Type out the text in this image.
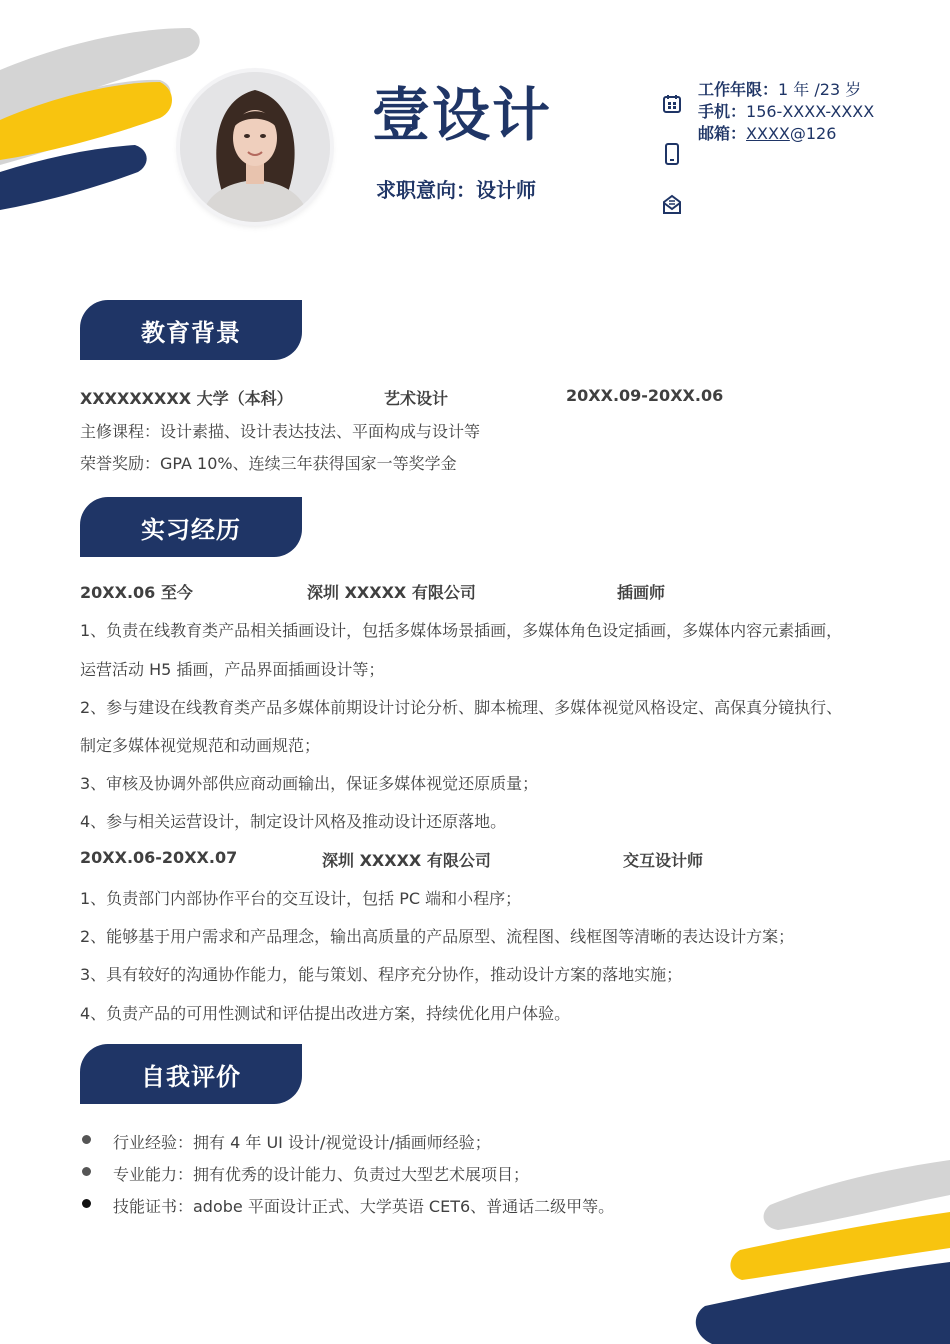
壹设计
求职意向：设计师
工作年限：1 年 /23 岁
手机：156-XXXX-XXXX
邮箱：XXXX@126
教育背景
XXXXXXXXX 大学（本科）	艺术设计	20XX.09-20XX.06
主修课程：设计素描、设计表达技法、平面构成与设计等
荣誉奖励：GPA 10%、连续三年获得国家一等奖学金
实习经历
20XX.06 至今	深圳 XXXXX 有限公司	插画师
1、负责在线教育类产品相关插画设计，包括多媒体场景插画，多媒体角色设定插画，多媒体内容元素插画，
运营活动 H5 插画，产品界面插画设计等；
2、参与建设在线教育类产品多媒体前期设计讨论分析、脚本梳理、多媒体视觉风格设定、高保真分镜执行、
制定多媒体视觉规范和动画规范；
3、审核及协调外部供应商动画输出，保证多媒体视觉还原质量；
4、参与相关运营设计，制定设计风格及推动设计还原落地。
20XX.06-20XX.07	深圳 XXXXX 有限公司	交互设计师
1、负责部门内部协作平台的交互设计，包括 PC 端和小程序；
2、能够基于用户需求和产品理念，输出高质量的产品原型、流程图、线框图等清晰的表达设计方案；
3、具有较好的沟通协作能力，能与策划、程序充分协作，推动设计方案的落地实施；
4、负责产品的可用性测试和评估提出改进方案，持续优化用户体验。
自我评价
行业经验：拥有 4 年 UI 设计/视觉设计/插画师经验；
专业能力：拥有优秀的设计能力、负责过大型艺术展项目；
技能证书：adobe 平面设计正式、大学英语 CET6、普通话二级甲等。
